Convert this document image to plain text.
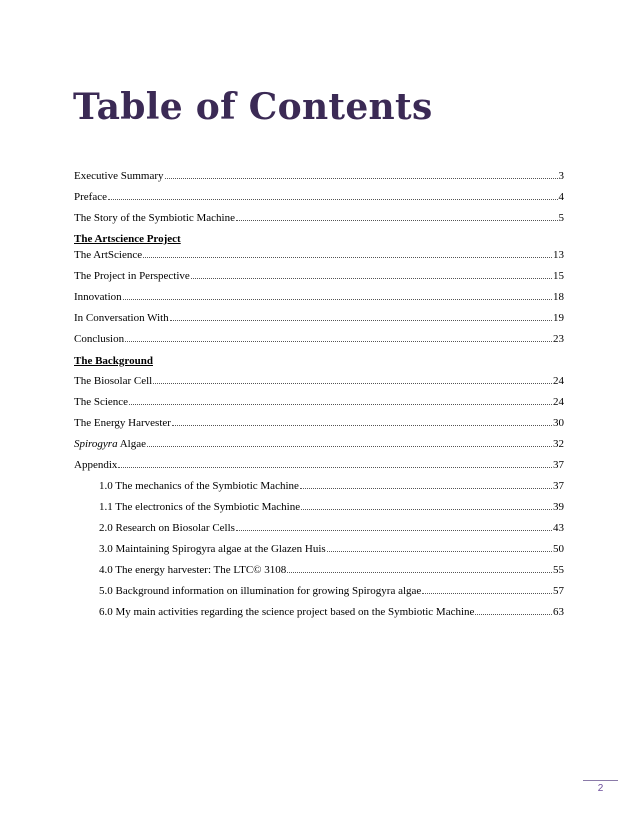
Table of Contents
Executive Summary	3
Preface	4
The Story of the Symbiotic Machine	5
The Artscience Project
The ArtScience	13
The Project in Perspective	15
Innovation	18
In Conversation With	19
Conclusion	23
The Background
The Biosolar Cell	24
The Science	24
The Energy Harvester	30
Spirogyra Algae	32
Appendix	37
1.0 The mechanics of the Symbiotic Machine	37
1.1 The electronics of the Symbiotic Machine	39
2.0 Research on Biosolar Cells	43
3.0 Maintaining Spirogyra algae at the Glazen Huis	50
4.0 The energy harvester: The LTC© 3108	55
5.0 Background information on illumination for growing Spirogyra algae	57
6.0 My main activities regarding the science project based on the Symbiotic Machine	63
2
